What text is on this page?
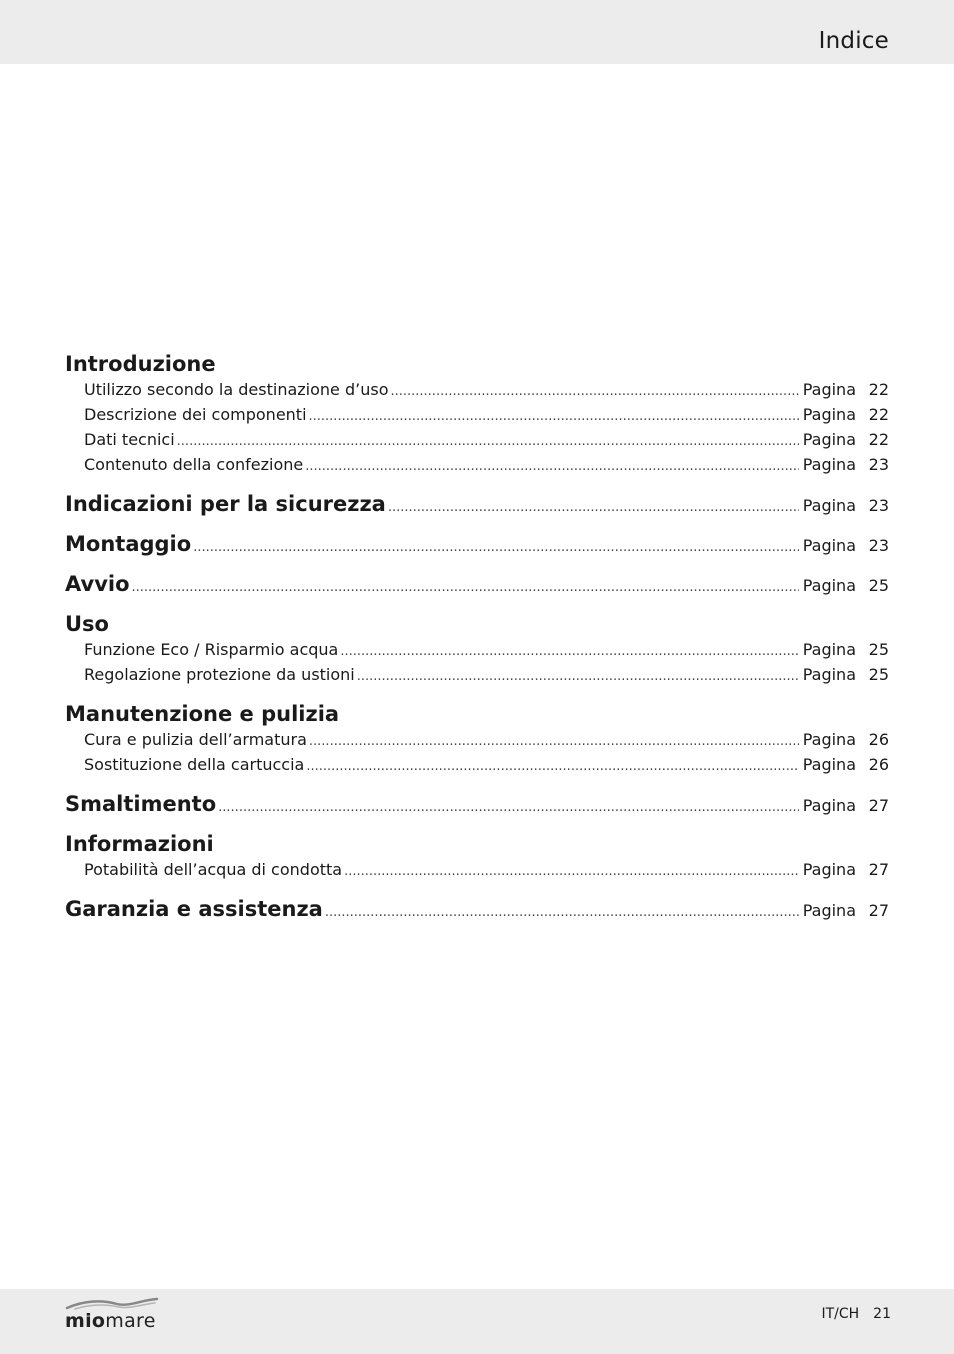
Indice
Introduzione
Utilizzo secondo la destinazione d’uso .....	Pagina 22
Descrizione dei componenti .....	Pagina 22
Dati tecnici .....	Pagina 22
Contenuto della confezione .....	Pagina 23
Indicazioni per la sicurezza .....	Pagina 23
Montaggio .....	Pagina 23
Avvio .....	Pagina 25
Uso
Funzione Eco / Risparmio acqua .....	Pagina 25
Regolazione protezione da ustioni .....	Pagina 25
Manutenzione e pulizia
Cura e pulizia dell’armatura .....	Pagina 26
Sostituzione della cartuccia .....	Pagina 26
Smaltimento .....	Pagina 27
Informazioni
Potabilità dell’acqua di condotta .....	Pagina 27
Garanzia e assistenza .....	Pagina 27
miomare	IT/CH 21
